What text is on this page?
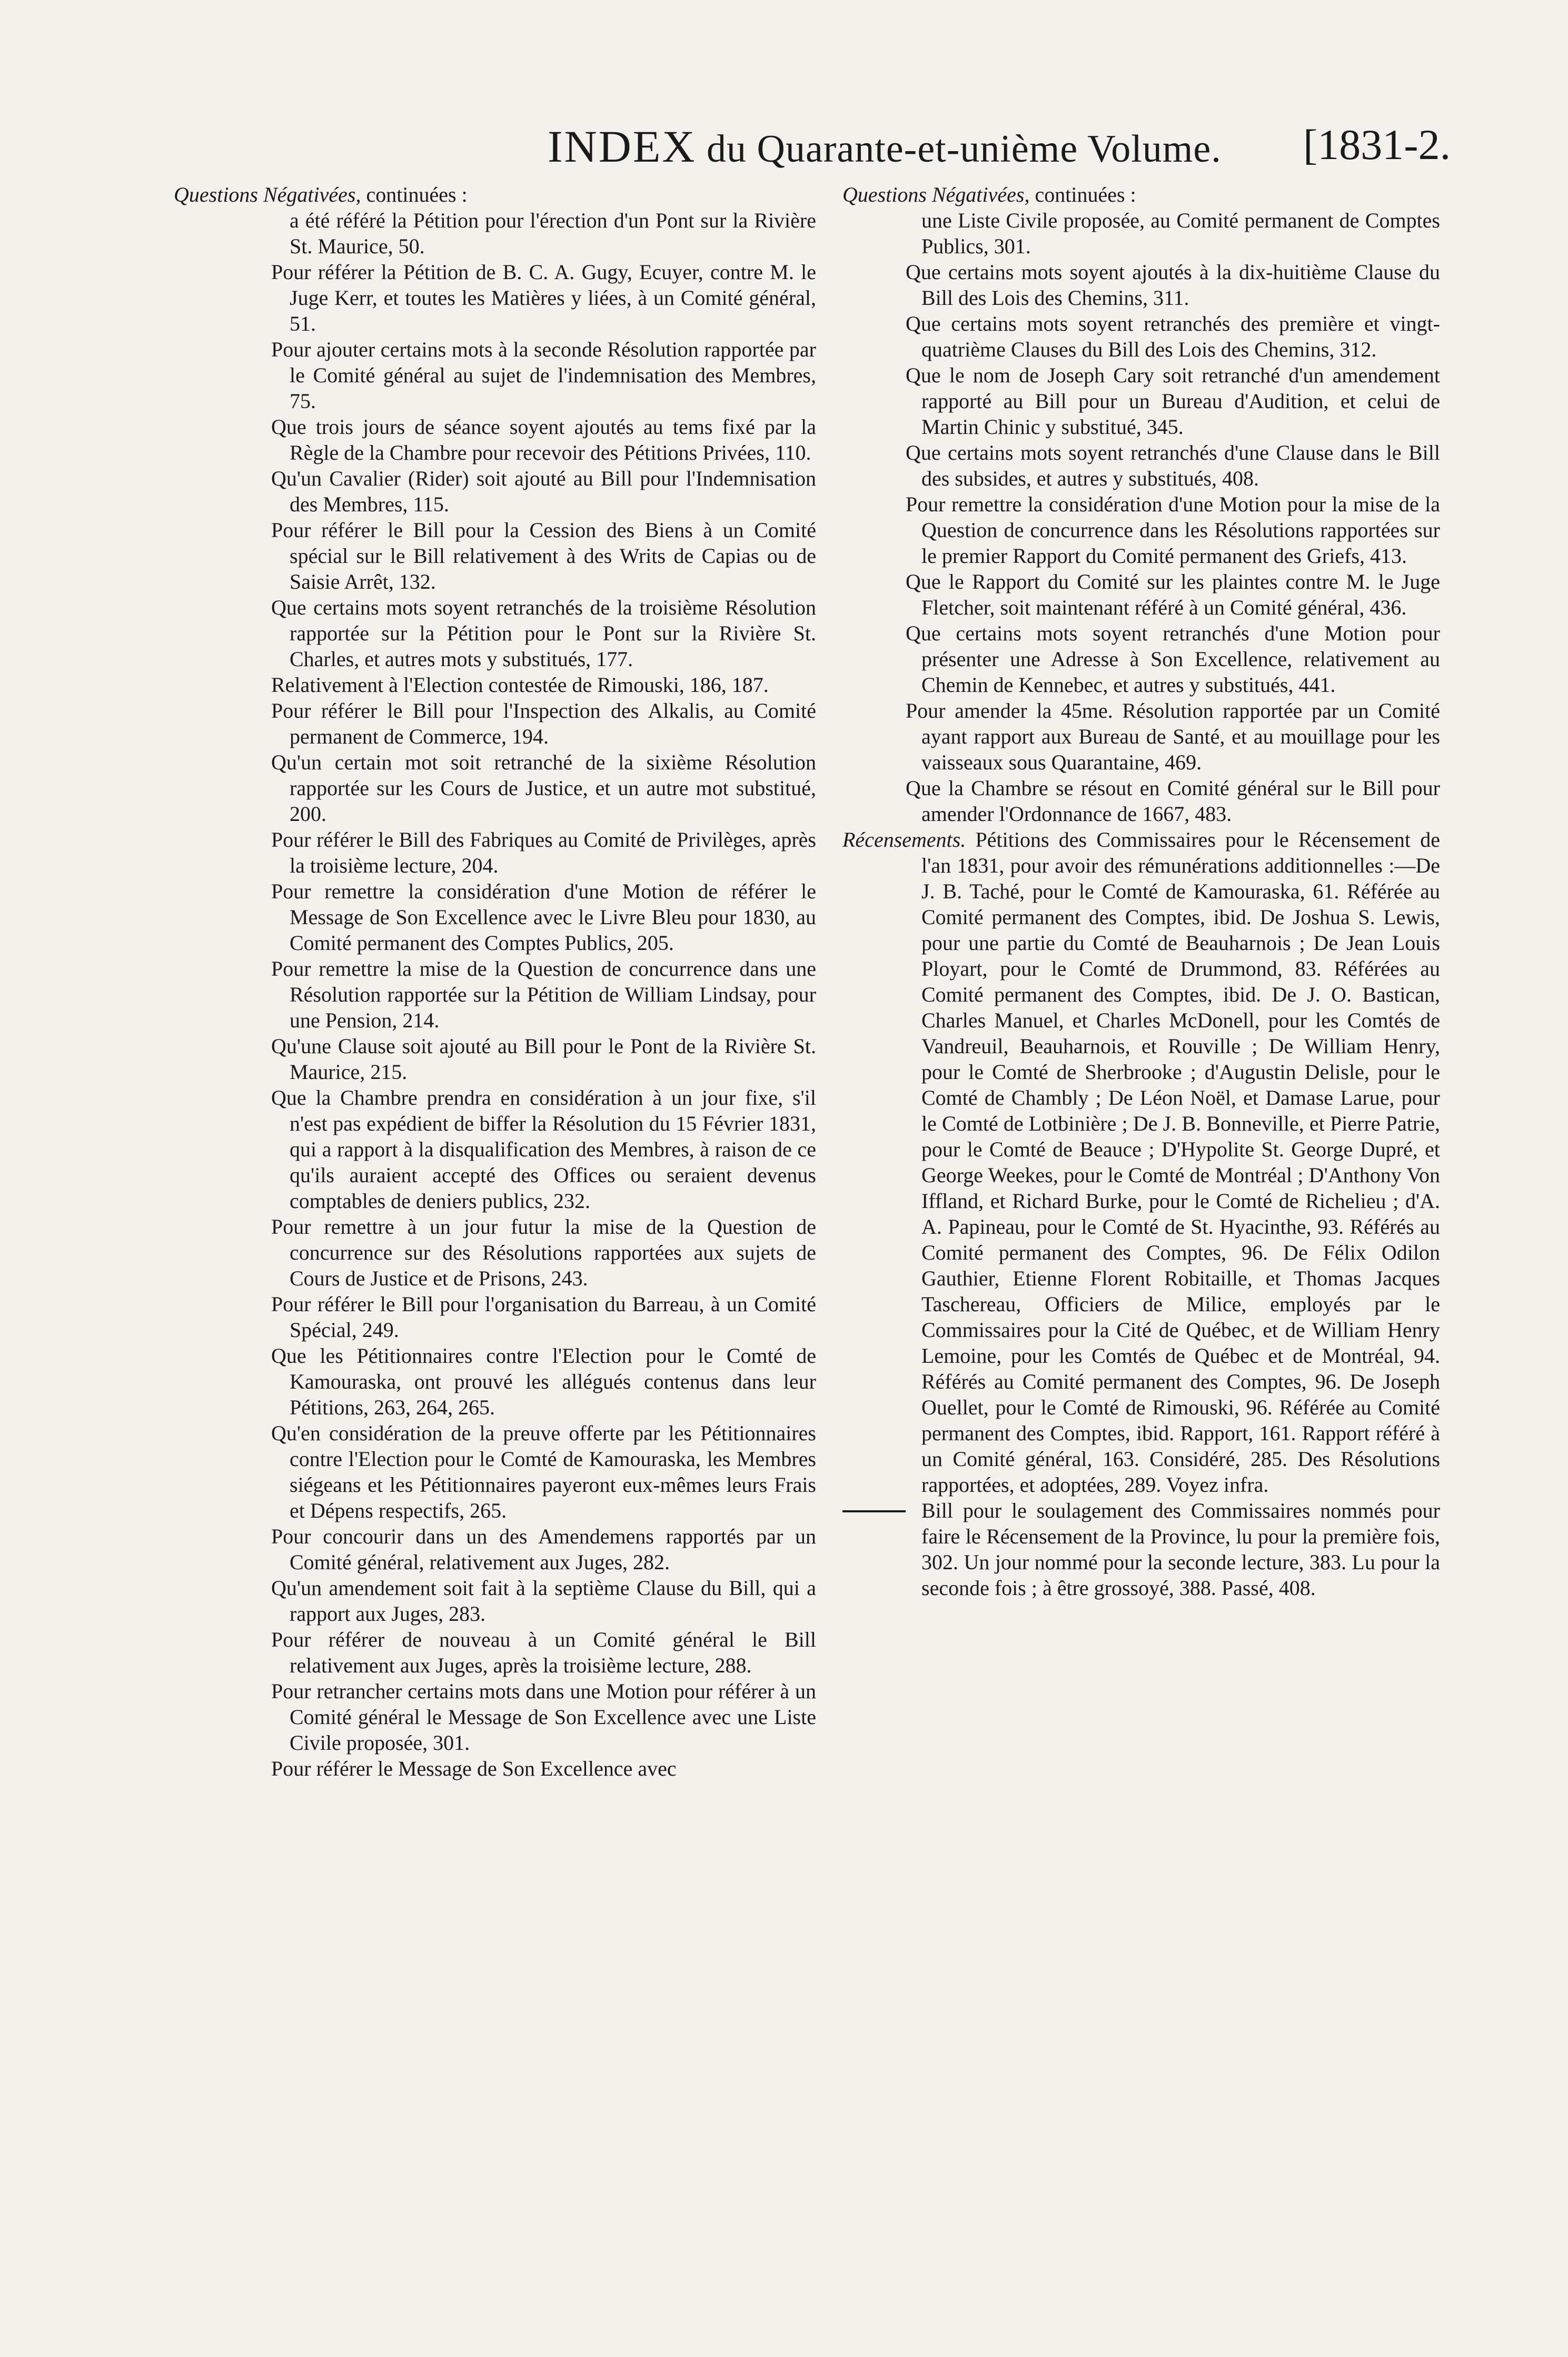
INDEX du Quarante-et-unième Volume. [1831-2.
Questions Négativées, continuées :

a été référé la Pétition pour l'érection d'un Pont sur la Rivière St. Maurice, 50.

Pour référer la Pétition de B. C. A. Gugy, Ecuyer, contre M. le Juge Kerr, et toutes les Matières y liées, à un Comité général, 51.

Pour ajouter certains mots à la seconde Résolution rapportée par le Comité général au sujet de l'indemnisation des Membres, 75.

Que trois jours de séance soyent ajoutés au tems fixé par la Règle de la Chambre pour recevoir des Pétitions Privées, 110.

Qu'un Cavalier (Rider) soit ajouté au Bill pour l'Indemnisation des Membres, 115.

Pour référer le Bill pour la Cession des Biens à un Comité spécial sur le Bill relativement à des Writs de Capias ou de Saisie Arrêt, 132.

Que certains mots soyent retranchés de la troisième Résolution rapportée sur la Pétition pour le Pont sur la Rivière St. Charles, et autres mots y substitués, 177.

Relativement à l'Election contestée de Rimouski, 186, 187.

Pour référer le Bill pour l'Inspection des Alkalis, au Comité permanent de Commerce, 194.

Qu'un certain mot soit retranché de la sixième Résolution rapportée sur les Cours de Justice, et un autre mot substitué, 200.

Pour référer le Bill des Fabriques au Comité de Privilèges, après la troisième lecture, 204.

Pour remettre la considération d'une Motion de référer le Message de Son Excellence avec le Livre Bleu pour 1830, au Comité permanent des Comptes Publics, 205.

Pour remettre la mise de la Question de concurrence dans une Résolution rapportée sur la Pétition de William Lindsay, pour une Pension, 214.

Qu'une Clause soit ajouté au Bill pour le Pont de la Rivière St. Maurice, 215.

Que la Chambre prendra en considération à un jour fixe, s'il n'est pas expédient de biffer la Résolution du 15 Février 1831, qui a rapport à la disqualification des Membres, à raison de ce qu'ils auraient accepté des Offices ou seraient devenus comptables de deniers publics, 232.

Pour remettre à un jour futur la mise de la Question de concurrence sur des Résolutions rapportées aux sujets de Cours de Justice et de Prisons, 243.

Pour référer le Bill pour l'organisation du Barreau, à un Comité Spécial, 249.

Que les Pétitionnaires contre l'Election pour le Comté de Kamouraska, ont prouvé les allégués contenus dans leur Pétitions, 263, 264, 265.

Qu'en considération de la preuve offerte par les Pétitionnaires contre l'Election pour le Comté de Kamouraska, les Membres siégeans et les Pétitionnaires payeront eux-mêmes leurs Frais et Dépens respectifs, 265.

Pour concourir dans un des Amendemens rapportés par un Comité général, relativement aux Juges, 282.

Qu'un amendement soit fait à la septième Clause du Bill, qui a rapport aux Juges, 283.

Pour référer de nouveau à un Comité général le Bill relativement aux Juges, après la troisième lecture, 288.

Pour retrancher certains mots dans une Motion pour référer à un Comité général le Message de Son Excellence avec une Liste Civile proposée, 301.

Pour référer le Message de Son Excellence avec

Questions Négativées, continuées :

une Liste Civile proposée, au Comité permanent de Comptes Publics, 301.

Que certains mots soyent ajoutés à la dix-huitième Clause du Bill des Lois des Chemins, 311.

Que certains mots soyent retranchés des première et vingt-quatrième Clauses du Bill des Lois des Chemins, 312.

Que le nom de Joseph Cary soit retranché d'un amendement rapporté au Bill pour un Bureau d'Audition, et celui de Martin Chinic y substitué, 345.

Que certains mots soyent retranchés d'une Clause dans le Bill des subsides, et autres y substitués, 408.

Pour remettre la considération d'une Motion pour la mise de la Question de concurrence dans les Résolutions rapportées sur le premier Rapport du Comité permanent des Griefs, 413.

Que le Rapport du Comité sur les plaintes contre M. le Juge Fletcher, soit maintenant référé à un Comité général, 436.

Que certains mots soyent retranchés d'une Motion pour présenter une Adresse à Son Excellence, relativement au Chemin de Kennebec, et autres y substitués, 441.

Pour amender la 45me. Résolution rapportée par un Comité ayant rapport aux Bureau de Santé, et au mouillage pour les vaisseaux sous Quarantaine, 469.

Que la Chambre se résout en Comité général sur le Bill pour amender l'Ordonnance de 1667, 483.

Récensements. Pétitions des Commissaires pour le Récensement de l'an 1831, pour avoir des rémunérations additionnelles :—De J. B. Taché, pour le Comté de Kamouraska, 61. Référée au Comité permanent des Comptes, ibid. De Joshua S. Lewis, pour une partie du Comté de Beauharnois ; De Jean Louis Ployart, pour le Comté de Drummond, 83. Référées au Comité permanent des Comptes, ibid. De J. O. Bastican, Charles Manuel, et Charles McDonell, pour les Comtés de Vandreuil, Beauharnois, et Rouville ; De William Henry, pour le Comté de Sherbrooke ; d'Augustin Delisle, pour le Comté de Chambly ; De Léon Noël, et Damase Larue, pour le Comté de Lotbinière ; De J. B. Bonneville, et Pierre Patrie, pour le Comté de Beauce ; D'Hypolite St. George Dupré, et George Weekes, pour le Comté de Montréal ; D'Anthony Von Iffland, et Richard Burke, pour le Comté de Richelieu ; d'A. A. Papineau, pour le Comté de St. Hyacinthe, 93. Référés au Comité permanent des Comptes, 96. De Félix Odilon Gauthier, Etienne Florent Robitaille, et Thomas Jacques Taschereau, Officiers de Milice, employés par le Commissaires pour la Cité de Québec, et de William Henry Lemoine, pour les Comtés de Québec et de Montréal, 94. Référés au Comité permanent des Comptes, 96. De Joseph Ouellet, pour le Comté de Rimouski, 96. Référée au Comité permanent des Comptes, ibid. Rapport, 161. Rapport référé à un Comité général, 163. Considéré, 285. Des Résolutions rapportées, et adoptées, 289. Voyez infra.

Bill pour le soulagement des Commissaires nommés pour faire le Récensement de la Province, lu pour la première fois, 302. Un jour nommé pour la seconde lecture, 383. Lu pour la seconde fois ; à être grossoyé, 388. Passé, 408.
